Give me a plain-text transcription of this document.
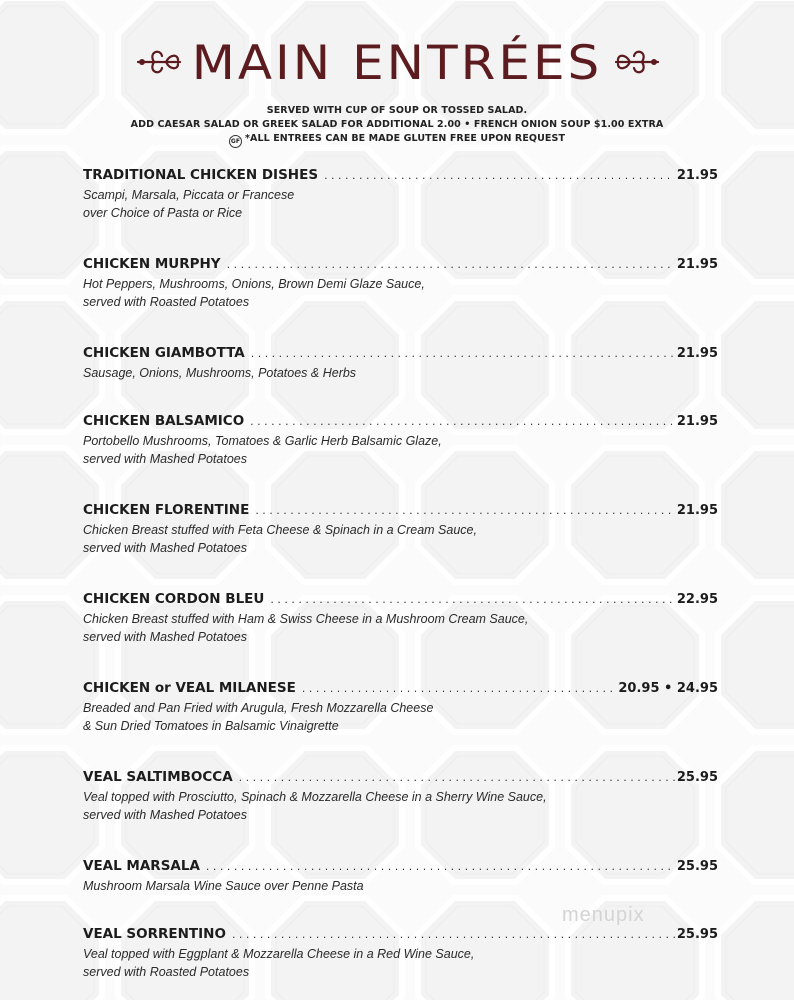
MAIN ENTRÉES
SERVED WITH CUP OF SOUP OR TOSSED SALAD.
ADD CAESAR SALAD OR GREEK SALAD FOR ADDITIONAL 2.00 • FRENCH ONION SOUP $1.00 EXTRA
GF *ALL ENTREES CAN BE MADE GLUTEN FREE UPON REQUEST
TRADITIONAL CHICKEN DISHES . . .	21.95
Scampi, Marsala, Piccata or Francese
over Choice of Pasta or Rice
CHICKEN MURPHY . . .	21.95
Hot Peppers, Mushrooms, Onions, Brown Demi Glaze Sauce,
served with Roasted Potatoes
CHICKEN GIAMBOTTA . . .	21.95
Sausage, Onions, Mushrooms, Potatoes & Herbs
CHICKEN BALSAMICO . . .	21.95
Portobello Mushrooms, Tomatoes & Garlic Herb Balsamic Glaze,
served with Mashed Potatoes
CHICKEN FLORENTINE . . .	21.95
Chicken Breast stuffed with Feta Cheese & Spinach in a Cream Sauce,
served with Mashed Potatoes
CHICKEN CORDON BLEU . . .	22.95
Chicken Breast stuffed with Ham & Swiss Cheese in a Mushroom Cream Sauce,
served with Mashed Potatoes
CHICKEN or VEAL MILANESE . . .	20.95 • 24.95
Breaded and Pan Fried with Arugula, Fresh Mozzarella Cheese
& Sun Dried Tomatoes in Balsamic Vinaigrette
VEAL SALTIMBOCCA . . .	25.95
Veal topped with Prosciutto, Spinach & Mozzarella Cheese in a Sherry Wine Sauce,
served with Mashed Potatoes
VEAL MARSALA . . .	25.95
Mushroom Marsala Wine Sauce over Penne Pasta
VEAL SORRENTINO . . .	25.95
Veal topped with Eggplant & Mozzarella Cheese in a Red Wine Sauce,
served with Roasted Potatoes
menupix
